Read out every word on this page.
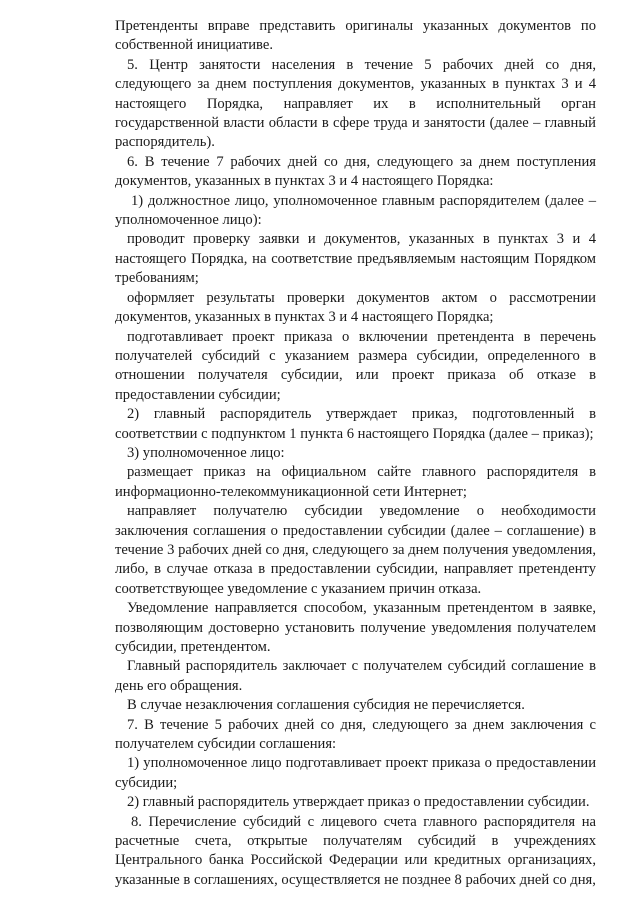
Претенденты вправе представить оригиналы указанных документов по собственной инициативе.

5. Центр занятости населения в течение 5 рабочих дней со дня, следующего за днем поступления документов, указанных в пунктах 3 и 4 настоящего Порядка, направляет их в исполнительный орган государственной власти области в сфере труда и занятости (далее – главный распорядитель).

6. В течение 7 рабочих дней со дня, следующего за днем поступления документов, указанных в пунктах 3 и 4 настоящего Порядка:

1) должностное лицо, уполномоченное главным распорядителем (далее – уполномоченное лицо):

проводит проверку заявки и документов, указанных в пунктах 3 и 4 настоящего Порядка, на соответствие предъявляемым настоящим Порядком требованиям;

оформляет результаты проверки документов актом о рассмотрении документов, указанных в пунктах 3 и 4 настоящего Порядка;

подготавливает проект приказа о включении претендента в перечень получателей субсидий с указанием размера субсидии, определенного в отношении получателя субсидии, или проект приказа об отказе в предоставлении субсидии;

2) главный распорядитель утверждает приказ, подготовленный в соответствии с подпунктом 1 пункта 6 настоящего Порядка (далее – приказ);

3) уполномоченное лицо:

размещает приказ на официальном сайте главного распорядителя в информационно-телекоммуникационной сети Интернет;

направляет получателю субсидии уведомление о необходимости заключения соглашения о предоставлении субсидии (далее – соглашение) в течение 3 рабочих дней со дня, следующего за днем получения уведомления, либо, в случае отказа в предоставлении субсидии, направляет претенденту соответствующее уведомление с указанием причин отказа.

Уведомление направляется способом, указанным претендентом в заявке, позволяющим достоверно установить получение уведомления получателем субсидии, претендентом.

Главный распорядитель заключает с получателем субсидий соглашение в день его обращения.

В случае незаключения соглашения субсидия не перечисляется.

7. В течение 5 рабочих дней со дня, следующего за днем заключения с получателем субсидии соглашения:

1) уполномоченное лицо подготавливает проект приказа о предоставлении субсидии;

2) главный распорядитель утверждает приказ о предоставлении субсидии.

8. Перечисление субсидий с лицевого счета главного распорядителя на расчетные счета, открытые получателям субсидий в учреждениях Центрального банка Российской Федерации или кредитных организациях, указанные в соглашениях, осуществляется не позднее 8 рабочих дней со дня,
